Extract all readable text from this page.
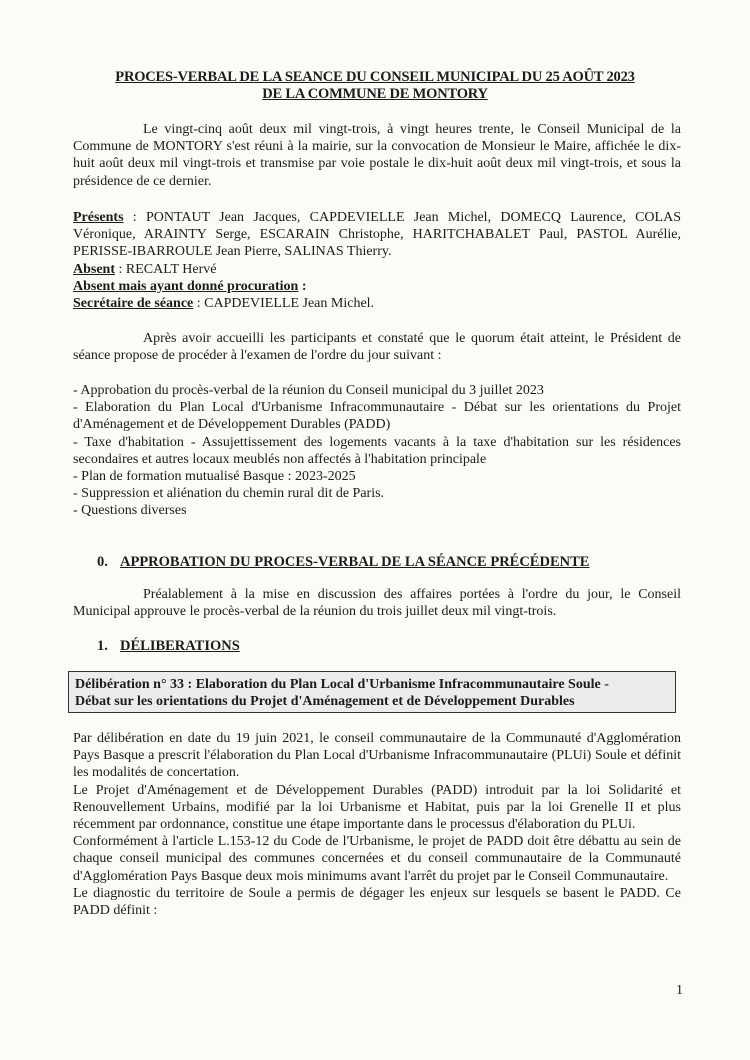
PROCES-VERBAL DE LA SEANCE DU CONSEIL MUNICIPAL DU 25 AOÛT 2023
DE LA COMMUNE DE MONTORY
Le vingt-cinq août deux mil vingt-trois, à vingt heures trente, le Conseil Municipal de la Commune de MONTORY s'est réuni à la mairie, sur la convocation de Monsieur le Maire, affichée le dix-huit août deux mil vingt-trois et transmise par voie postale le dix-huit août deux mil vingt-trois, et sous la présidence de ce dernier.
Présents : PONTAUT Jean Jacques, CAPDEVIELLE Jean Michel, DOMECQ Laurence, COLAS Véronique, ARAINTY Serge, ESCARAIN Christophe, HARITCHABALET Paul, PASTOL Aurélie, PERISSE-IBARROULE Jean Pierre, SALINAS Thierry.
Absent : RECALT Hervé
Absent mais ayant donné procuration :
Secrétaire de séance : CAPDEVIELLE Jean Michel.
Après avoir accueilli les participants et constaté que le quorum était atteint, le Président de séance propose de procéder à l'examen de l'ordre du jour suivant :
- Approbation du procès-verbal de la réunion du Conseil municipal du 3 juillet 2023
- Elaboration du Plan Local d'Urbanisme Infracommunautaire - Débat sur les orientations du Projet d'Aménagement et de Développement Durables (PADD)
- Taxe d'habitation - Assujettissement des logements vacants à la taxe d'habitation sur les résidences secondaires et autres locaux meublés non affectés à l'habitation principale
- Plan de formation mutualisé Basque : 2023-2025
- Suppression et aliénation du chemin rural dit de Paris.
- Questions diverses
0. APPROBATION DU PROCES-VERBAL DE LA SÉANCE PRÉCÉDENTE
Préalablement à la mise en discussion des affaires portées à l'ordre du jour, le Conseil Municipal approuve le procès-verbal de la réunion du trois juillet deux mil vingt-trois.
1. DÉLIBERATIONS
Délibération n° 33 : Elaboration du Plan Local d'Urbanisme Infracommunautaire Soule -
Débat sur les orientations du Projet d'Aménagement et de Développement Durables
Par délibération en date du 19 juin 2021, le conseil communautaire de la Communauté d'Agglomération Pays Basque a prescrit l'élaboration du Plan Local d'Urbanisme Infracommunautaire (PLUi) Soule et définit les modalités de concertation.
Le Projet d'Aménagement et de Développement Durables (PADD) introduit par la loi Solidarité et Renouvellement Urbains, modifié par la loi Urbanisme et Habitat, puis par la loi Grenelle II et plus récemment par ordonnance, constitue une étape importante dans le processus d'élaboration du PLUi.
Conformément à l'article L.153-12 du Code de l'Urbanisme, le projet de PADD doit être débattu au sein de chaque conseil municipal des communes concernées et du conseil communautaire de la Communauté d'Agglomération Pays Basque deux mois minimums avant l'arrêt du projet par le Conseil Communautaire.
Le diagnostic du territoire de Soule a permis de dégager les enjeux sur lesquels se basent le PADD. Ce PADD définit :
1
